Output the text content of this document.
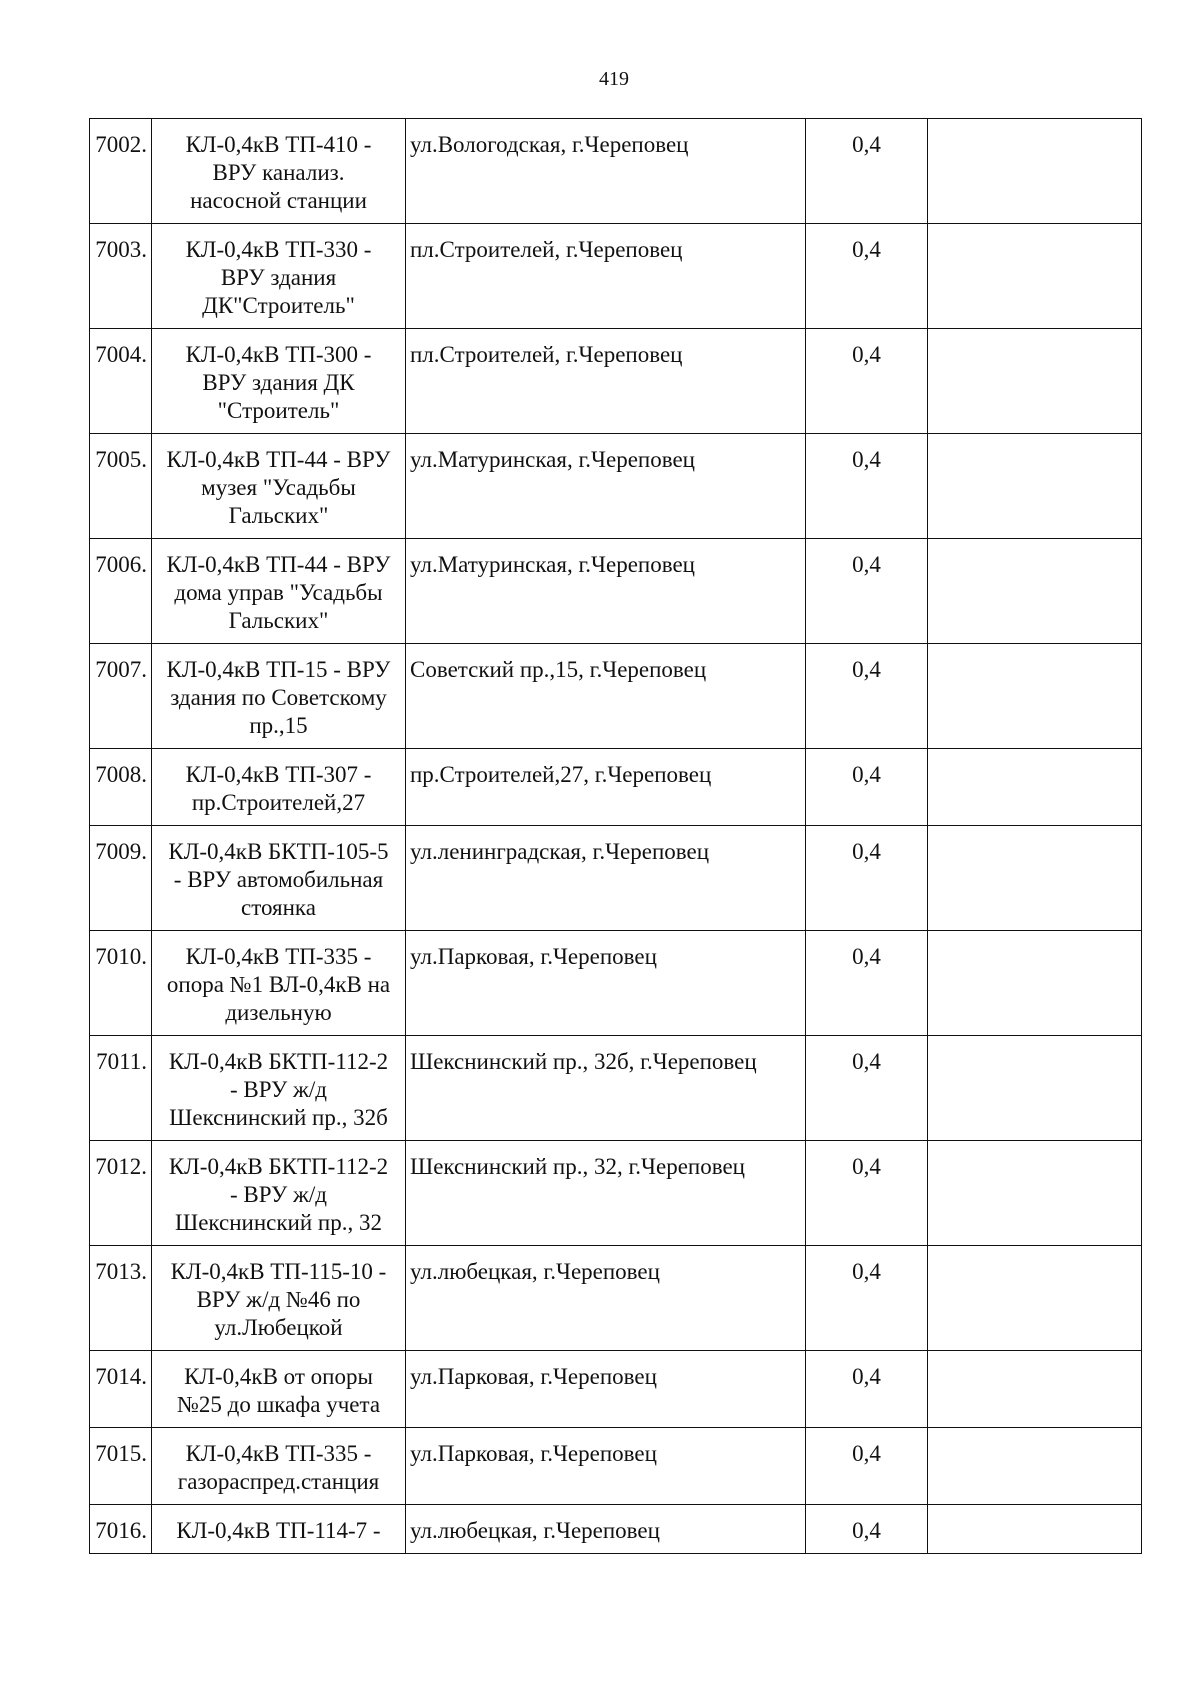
419
7002.	КЛ-0,4кВ ТП-410 -
ВРУ канализ.
насосной станции	ул.Вологодская, г.Череповец	0,4	
7003.	КЛ-0,4кВ ТП-330 -
ВРУ здания
ДК"Строитель"	пл.Строителей, г.Череповец	0,4	
7004.	КЛ-0,4кВ ТП-300 -
ВРУ здания ДК
"Строитель"	пл.Строителей, г.Череповец	0,4	
7005.	КЛ-0,4кВ ТП-44 - ВРУ
музея "Усадьбы
Гальских"	ул.Матуринская, г.Череповец	0,4	
7006.	КЛ-0,4кВ ТП-44 - ВРУ
дома управ "Усадьбы
Гальских"	ул.Матуринская, г.Череповец	0,4	
7007.	КЛ-0,4кВ ТП-15 - ВРУ
здания по Советскому
пр.,15	Советский пр.,15, г.Череповец	0,4	
7008.	КЛ-0,4кВ ТП-307 -
пр.Строителей,27	пр.Строителей,27, г.Череповец	0,4	
7009.	КЛ-0,4кВ БКТП-105-5
- ВРУ автомобильная
стоянка	ул.ленинградская, г.Череповец	0,4	
7010.	КЛ-0,4кВ ТП-335 -
опора №1 ВЛ-0,4кВ на
дизельную	ул.Парковая, г.Череповец	0,4	
7011.	КЛ-0,4кВ БКТП-112-2
- ВРУ ж/д
Шекснинский пр., 32б	Шекснинский пр., 32б, г.Череповец	0,4	
7012.	КЛ-0,4кВ БКТП-112-2
- ВРУ ж/д
Шекснинский пр., 32	Шекснинский пр., 32, г.Череповец	0,4	
7013.	КЛ-0,4кВ ТП-115-10 -
ВРУ ж/д №46 по
ул.Любецкой	ул.любецкая, г.Череповец	0,4	
7014.	КЛ-0,4кВ от опоры
№25 до шкафа учета	ул.Парковая, г.Череповец	0,4	
7015.	КЛ-0,4кВ ТП-335 -
газораспред.станция	ул.Парковая, г.Череповец	0,4	
7016.	КЛ-0,4кВ ТП-114-7 -	ул.любецкая, г.Череповец	0,4	
